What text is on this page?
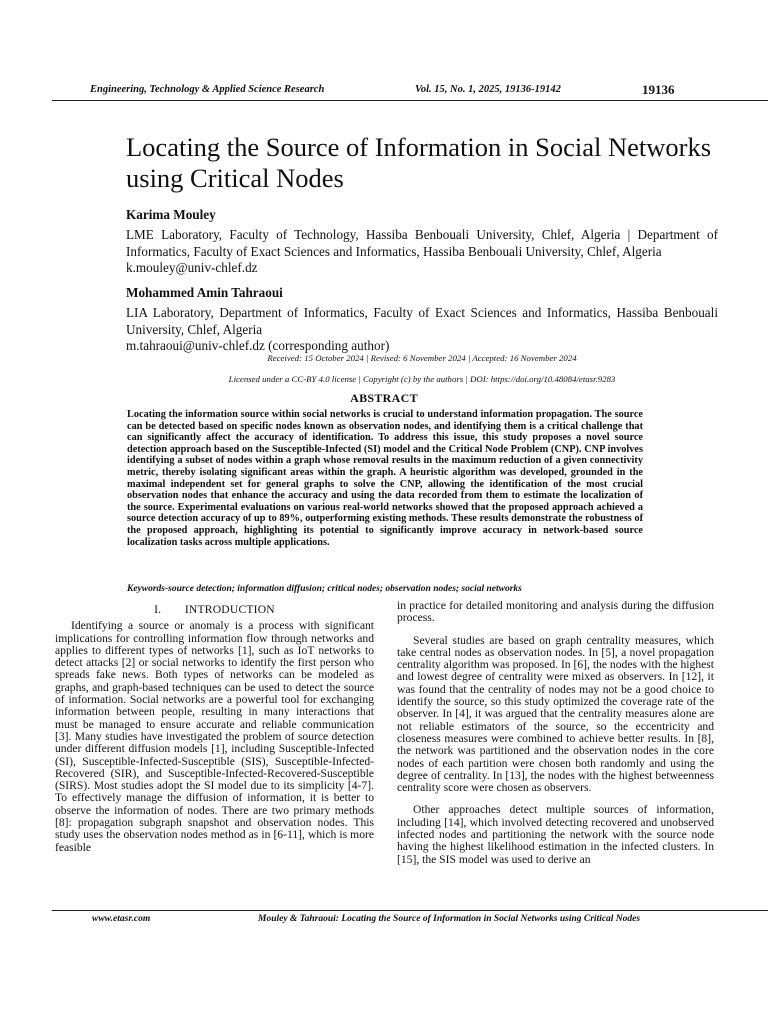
Engineering, Technology & Applied Science Research	Vol. 15, No. 1, 2025, 19136-19142	19136
Locating the Source of Information in Social Networks using Critical Nodes
Karima Mouley
LME Laboratory, Faculty of Technology, Hassiba Benbouali University, Chlef, Algeria | Department of Informatics, Faculty of Exact Sciences and Informatics, Hassiba Benbouali University, Chlef, Algeria
k.mouley@univ-chlef.dz
Mohammed Amin Tahraoui
LIA Laboratory, Department of Informatics, Faculty of Exact Sciences and Informatics, Hassiba Benbouali University, Chlef, Algeria
m.tahraoui@univ-chlef.dz (corresponding author)
Received: 15 October 2024 | Revised: 6 November 2024 | Accepted: 16 November 2024
Licensed under a CC-BY 4.0 license | Copyright (c) by the authors | DOI: https://doi.org/10.48084/etasr.9283
ABSTRACT
Locating the information source within social networks is crucial to understand information propagation. The source can be detected based on specific nodes known as observation nodes, and identifying them is a critical challenge that can significantly affect the accuracy of identification. To address this issue, this study proposes a novel source detection approach based on the Susceptible-Infected (SI) model and the Critical Node Problem (CNP). CNP involves identifying a subset of nodes within a graph whose removal results in the maximum reduction of a given connectivity metric, thereby isolating significant areas within the graph. A heuristic algorithm was developed, grounded in the maximal independent set for general graphs to solve the CNP, allowing the identification of the most crucial observation nodes that enhance the accuracy and using the data recorded from them to estimate the localization of the source. Experimental evaluations on various real-world networks showed that the proposed approach achieved a source detection accuracy of up to 89%, outperforming existing methods. These results demonstrate the robustness of the proposed approach, highlighting its potential to significantly improve accuracy in network-based source localization tasks across multiple applications.
Keywords-source detection; information diffusion; critical nodes; observation nodes; social networks
I.  INTRODUCTION

Identifying a source or anomaly is a process with significant implications for controlling information flow through networks and applies to different types of networks [1], such as IoT networks to detect attacks [2] or social networks to identify the first person who spreads fake news. Both types of networks can be modeled as graphs, and graph-based techniques can be used to detect the source of information. Social networks are a powerful tool for exchanging information between people, resulting in many interactions that must be managed to ensure accurate and reliable communication [3]. Many studies have investigated the problem of source detection under different diffusion models [1], including Susceptible-Infected (SI), Susceptible-Infected-Susceptible (SIS), Susceptible-Infected-Recovered (SIR), and Susceptible-Infected-Recovered-Susceptible (SIRS). Most studies adopt the SI model due to its simplicity [4-7]. To effectively manage the diffusion of information, it is better to observe the information of nodes. There are two primary methods [8]: propagation subgraph snapshot and observation nodes. This study uses the observation nodes method as in [6-11], which is more feasible

in practice for detailed monitoring and analysis during the diffusion process.

Several studies are based on graph centrality measures, which take central nodes as observation nodes. In [5], a novel propagation centrality algorithm was proposed. In [6], the nodes with the highest and lowest degree of centrality were mixed as observers. In [12], it was found that the centrality of nodes may not be a good choice to identify the source, so this study optimized the coverage rate of the observer. In [4], it was argued that the centrality measures alone are not reliable estimators of the source, so the eccentricity and closeness measures were combined to achieve better results. In [8], the network was partitioned and the observation nodes in the core nodes of each partition were chosen both randomly and using the degree of centrality. In [13], the nodes with the highest betweenness centrality score were chosen as observers.

Other approaches detect multiple sources of information, including [14], which involved detecting recovered and unobserved infected nodes and partitioning the network with the source node having the highest likelihood estimation in the infected clusters. In [15], the SIS model was used to derive an

www.etasr.com	Mouley & Tahraoui: Locating the Source of Information in Social Networks using Critical Nodes
